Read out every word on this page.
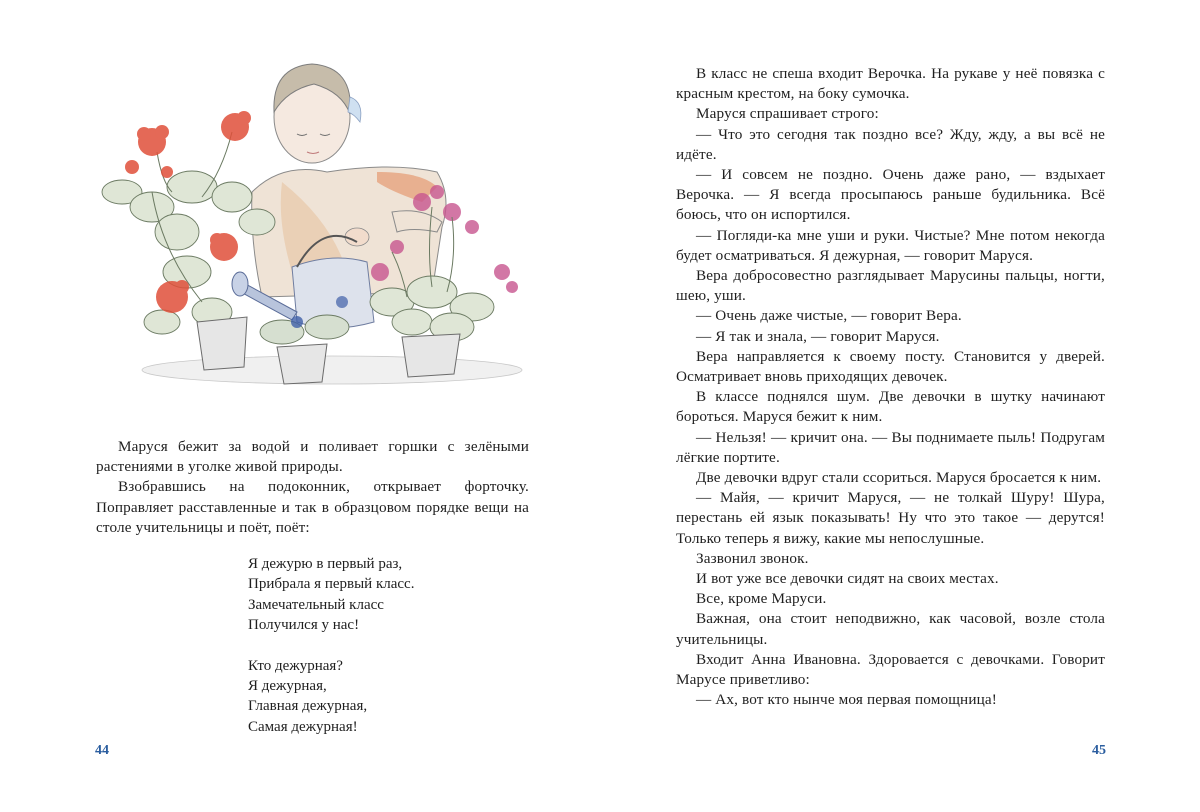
Маруся бежит за водой и поливает горшки с зелёными растениями в уголке живой природы.

Взобравшись на подоконник, открывает форточку. Поправляет расставленные и так в образцовом порядке вещи на столе учительницы и поёт, поёт:

Я дежурю в первый раз,
Прибрала я первый класс.
Замечательный класс
Получился у нас!
Кто дежурная?
Я дежурная,
Главная дежурная,
Самая дежурная!
44

В класс не спеша входит Верочка. На рукаве у неё повязка с красным крестом, на боку сумочка.

Маруся спрашивает строго:

— Что это сегодня так поздно все? Жду, жду, а вы всё не идёте.

— И совсем не поздно. Очень даже рано, — вздыхает Верочка. — Я всегда просыпаюсь раньше будильника. Всё боюсь, что он испортился.

— Погляди-ка мне уши и руки. Чистые? Мне потом некогда будет осматриваться. Я дежурная, — говорит Маруся.

Вера добросовестно разглядывает Марусины пальцы, ногти, шею, уши.

— Очень даже чистые, — говорит Вера.

— Я так и знала, — говорит Маруся.

Вера направляется к своему посту. Становится у дверей. Осматривает вновь приходящих девочек.

В классе поднялся шум. Две девочки в шутку начинают бороться. Маруся бежит к ним.

— Нельзя! — кричит она. — Вы поднимаете пыль! Подругам лёгкие портите.

Две девочки вдруг стали ссориться. Маруся бросается к ним.

— Майя, — кричит Маруся, — не толкай Шуру! Шура, перестань ей язык показывать! Ну что это такое — дерутся! Только теперь я вижу, какие мы непослушные.

Зазвонил звонок.

И вот уже все девочки сидят на своих местах.

Все, кроме Маруси.

Важная, она стоит неподвижно, как часовой, возле стола учительницы.

Входит Анна Ивановна. Здоровается с девочками. Говорит Марусе приветливо:

— Ах, вот кто нынче моя первая помощница!

45
